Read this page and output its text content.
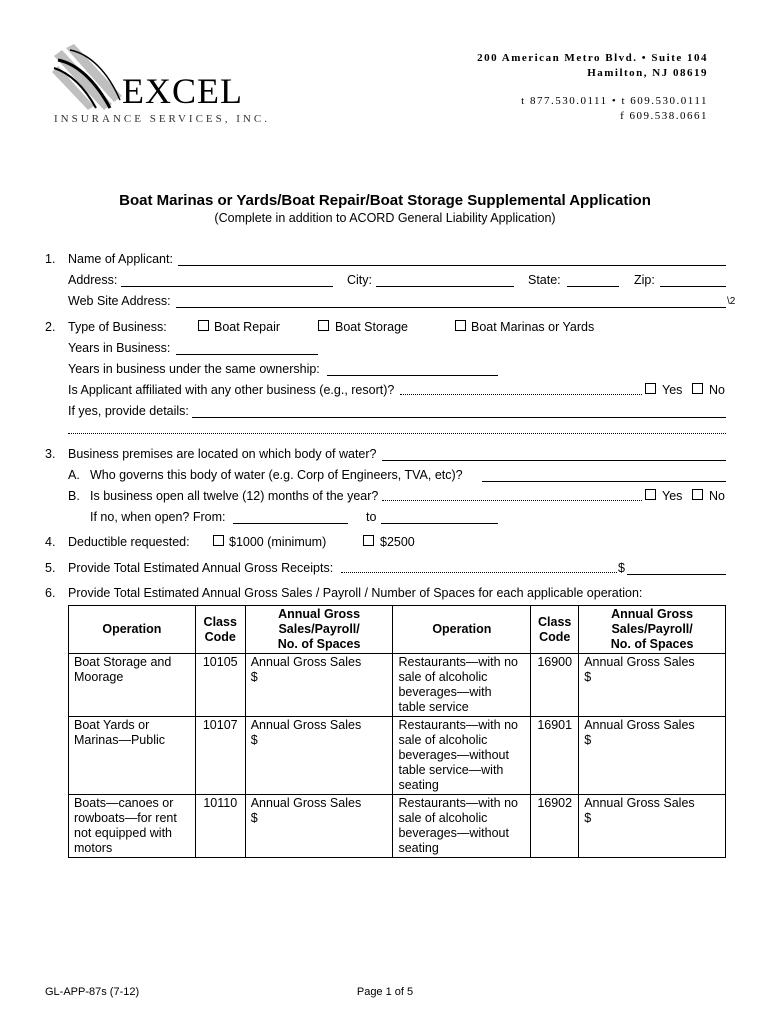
EXCEL
INSURANCE SERVICES, INC.
200 American Metro Blvd. • Suite 104
Hamilton, NJ 08619
t 877.530.0111 • t 609.530.0111
f 609.538.0661
Boat Marinas or Yards/Boat Repair/Boat Storage Supplemental Application
(Complete in addition to ACORD General Liability Application)
1. Name of Applicant:
Address:	City:	State:	Zip:
Web Site Address:	\2
2. Type of Business:	Boat Repair	Boat Storage	Boat Marinas or Yards
Years in Business:
Years in business under the same ownership:
Is Applicant affiliated with any other business (e.g., resort)?	Yes No
If yes, provide details:
3. Business premises are located on which body of water?
A. Who governs this body of water (e.g. Corp of Engineers, TVA, etc)?
B. Is business open all twelve (12) months of the year?	Yes No
If no, when open? From:	to
4. Deductible requested:	$1000 (minimum)	$2500
5. Provide Total Estimated Annual Gross Receipts:	$
6. Provide Total Estimated Annual Gross Sales / Payroll / Number of Spaces for each applicable operation:
Operation	Class
Code	Annual Gross
Sales/Payroll/
No. of Spaces	Operation	Class
Code	Annual Gross
Sales/Payroll/
No. of Spaces

Boat Storage and
Moorage	10105	Annual Gross Sales
$	Restaurants—with no
sale of alcoholic
beverages—with
table service	16900	Annual Gross Sales
$

Boat Yards or
Marinas—Public	10107	Annual Gross Sales
$	Restaurants—with no
sale of alcoholic
beverages—without
table service—with
seating	16901	Annual Gross Sales
$

Boats—canoes or
rowboats—for rent
not equipped with
motors	10110	Annual Gross Sales
$	Restaurants—with no
sale of alcoholic
beverages—without
seating	16902	Annual Gross Sales
$
GL-APP-87s (7-12)	Page 1 of 5
